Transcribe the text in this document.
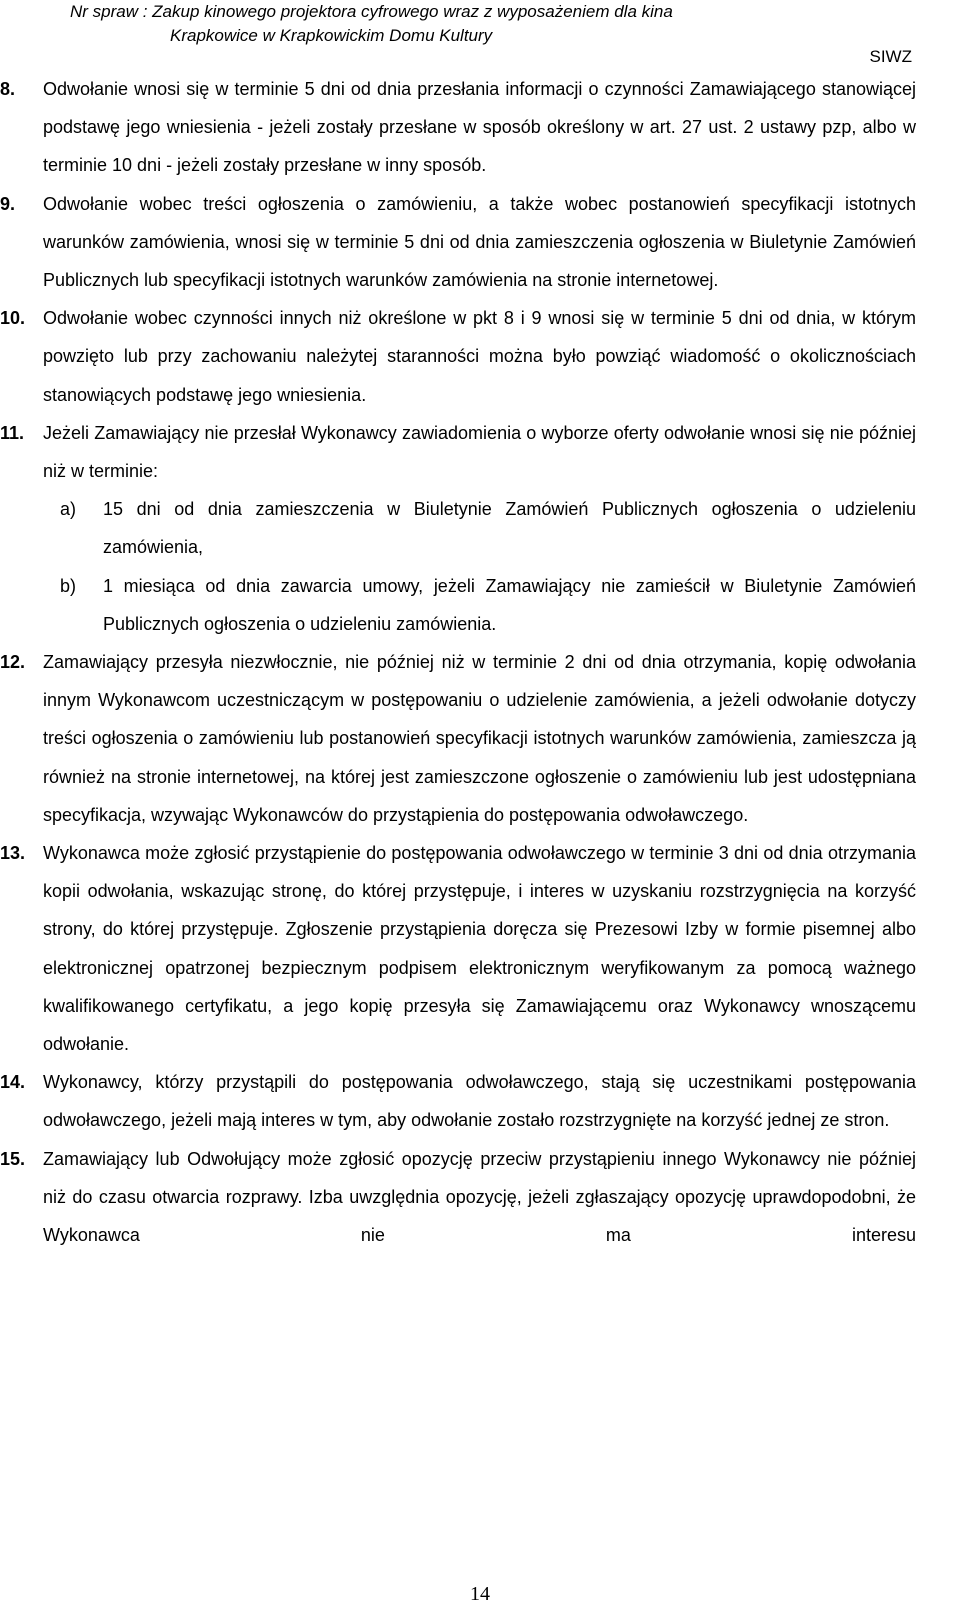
Nr spraw : Zakup kinowego projektora cyfrowego wraz z wyposażeniem dla kina
Krapkowice w Krapkowickim Domu Kultury
SIWZ
8.	Odwołanie wnosi się w terminie 5 dni od dnia przesłania informacji o czynności Zamawiającego stanowiącej podstawę jego wniesienia - jeżeli zostały przesłane w sposób określony w art. 27 ust. 2 ustawy pzp, albo w terminie 10 dni - jeżeli zostały przesłane w inny sposób.
9.	Odwołanie wobec treści ogłoszenia o zamówieniu, a także wobec postanowień specyfikacji istotnych warunków zamówienia, wnosi się w terminie 5 dni od dnia zamieszczenia ogłoszenia w Biuletynie Zamówień Publicznych lub specyfikacji istotnych warunków zamówienia na stronie internetowej.
10. Odwołanie wobec czynności innych niż określone w pkt 8 i 9 wnosi się w terminie 5 dni od dnia, w którym powzięto lub przy zachowaniu należytej staranności można było powziąć wiadomość o okolicznościach stanowiących podstawę jego wniesienia.
11.	Jeżeli Zamawiający nie przesłał Wykonawcy zawiadomienia o wyborze oferty odwołanie wnosi się nie później niż w terminie:
a) 15 dni od dnia zamieszczenia w Biuletynie Zamówień Publicznych ogłoszenia o udzieleniu zamówienia,
b) 1 miesiąca od dnia zawarcia umowy, jeżeli Zamawiający nie zamieścił w Biuletynie Zamówień Publicznych ogłoszenia o udzieleniu zamówienia.
12. Zamawiający przesyła niezwłocznie, nie później niż w terminie 2 dni od dnia otrzymania, kopię odwołania innym Wykonawcom uczestniczącym w postępowaniu o udzielenie zamówienia, a jeżeli odwołanie dotyczy treści ogłoszenia o zamówieniu lub postanowień specyfikacji istotnych warunków zamówienia, zamieszcza ją również na stronie internetowej, na której jest zamieszczone ogłoszenie o zamówieniu lub jest udostępniana specyfikacja, wzywając Wykonawców do przystąpienia do postępowania odwoławczego.
13. Wykonawca może zgłosić przystąpienie do postępowania odwoławczego w terminie 3 dni od dnia otrzymania kopii odwołania, wskazując stronę, do której przystępuje, i interes w uzyskaniu rozstrzygnięcia na korzyść strony, do której przystępuje. Zgłoszenie przystąpienia doręcza się Prezesowi Izby w formie pisemnej albo elektronicznej opatrzonej bezpiecznym podpisem elektronicznym weryfikowanym za pomocą ważnego kwalifikowanego certyfikatu, a jego kopię przesyła się Zamawiającemu oraz Wykonawcy wnoszącemu odwołanie.
14. Wykonawcy, którzy przystąpili do postępowania odwoławczego, stają się uczestnikami postępowania odwoławczego, jeżeli mają interes w tym, aby odwołanie zostało rozstrzygnięte na korzyść jednej ze stron.
15. Zamawiający lub Odwołujący może zgłosić opozycję przeciw przystąpieniu innego Wykonawcy nie później niż do czasu otwarcia rozprawy. Izba uwzględnia opozycję, jeżeli zgłaszający opozycję uprawdopodobni, że Wykonawca nie ma interesu
14
